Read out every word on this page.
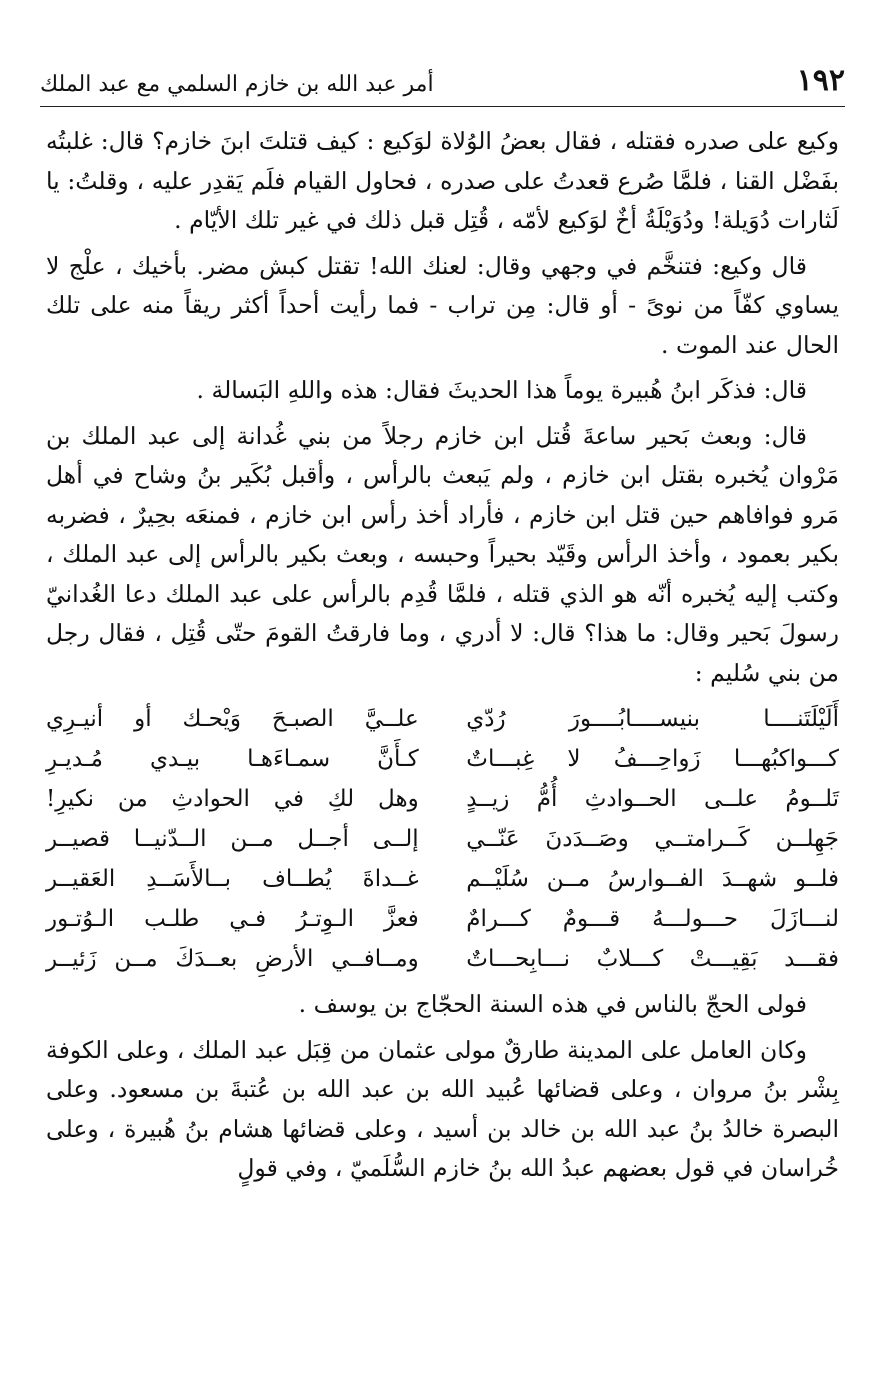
١٩٢
أمر عبد الله بن خازم السلمي مع عبد الملك

وكيع على صدره فقتله ، فقال بعضُ الوُلاة لوَكيع : كيف قتلتَ ابنَ خازم؟ قال: غلبتُه بفَضْل القنا ، فلمَّا صُرع قعدتُ على صدره ، فحاول القيام فلَم يَقدِر عليه ، وقلتُ: يا لَثارات دُوَيلة! ودُوَيْلَةُ أخٌ لوَكيع لأمّه ، قُتِل قبل ذلك في غير تلك الأيّام .

قال وكيع: فتنخَّم في وجهي وقال: لعنك الله! تقتل كبش مضر. بأخيك ، علْج لا يساوي كفّاً من نوىً - أو قال: مِن تراب - فما رأيت أحداً أكثر ريقاً منه على تلك الحال عند الموت .

قال: فذكَر ابنُ هُبيرة يوماً هذا الحديثَ فقال: هذه واللهِ البَسالة .

قال: وبعث بَحير ساعةَ قُتل ابن خازم رجلاً من بني غُدانة إلى عبد الملك بن مَرْوان يُخبره بقتل ابن خازم ، ولم يَبعث بالرأس ، وأقبل بُكَير بنُ وشاح في أهل مَرو فوافاهم حين قتل ابن خازم ، فأراد أخذ رأس ابن خازم ، فمنعَه بحِيرٌ ، فضربه بكير بعمود ، وأخذ الرأس وقَيّد بحيراً وحبسه ، وبعث بكير بالرأس إلى عبد الملك ، وكتب إليه يُخبره أنّه هو الذي قتله ، فلمَّا قُدِم بالرأس على عبد الملك دعا الغُدانيّ رسولَ بَحير وقال: ما هذا؟ قال: لا أدري ، وما فارقتُ القومَ حتّى قُتِل ، فقال رجل من بني سُليم :

أَلَيْلَتَنــــا بنيســــابُــــورَ رُدّي
علــيَّ الصبـحَ وَيْحـك أو أنيـرِي
كـــواكبُهـــا زَواحِـــفُ لا غِبـــاتٌ
كـأَنَّ سمـاءَهـا بيـدي مُـديـرِ
تَلــومُ علــى الحــوادثِ أُمُّ زيــدٍ
وهل لكِ في الحوادثِ من نكيرِ!
جَهِلــن كَــرامتــي وصَــدَدنَ عَنّــي
إلــى أجــل مــن الــدّنيــا قصيــر
فلــو شهــدَ الفــوارسُ مــن سُلَيْــم
غــداةَ يُطــاف بــالأَسَــدِ العَقيــر
لنـــازَلَ حـــولـــهُ قـــومٌ كـــرامٌ
فعزَّ الـوِتـرُ فـي طلـب الـوُتـور
فقـــد بَقِيـــتْ كـــلابٌ نـــابِحـــاتٌ
ومــافــي الأرضِ بعــدَكَ مــن زَئيــر

فولى الحجّ بالناس في هذه السنة الحجّاج بن يوسف .

وكان العامل على المدينة طارقٌ مولى عثمان من قِبَل عبد الملك ، وعلى الكوفة بِشْر بنُ مروان ، وعلى قضائها عُبيد الله بن عبد الله بن عُتبةَ بن مسعود. وعلى البصرة خالدُ بنُ عبد الله بن خالد بن أسيد ، وعلى قضائها هشام بنُ هُبيرة ، وعلى خُراسان في قول بعضهم عبدُ الله بنُ خازم السُّلَميّ ، وفي قولٍ
